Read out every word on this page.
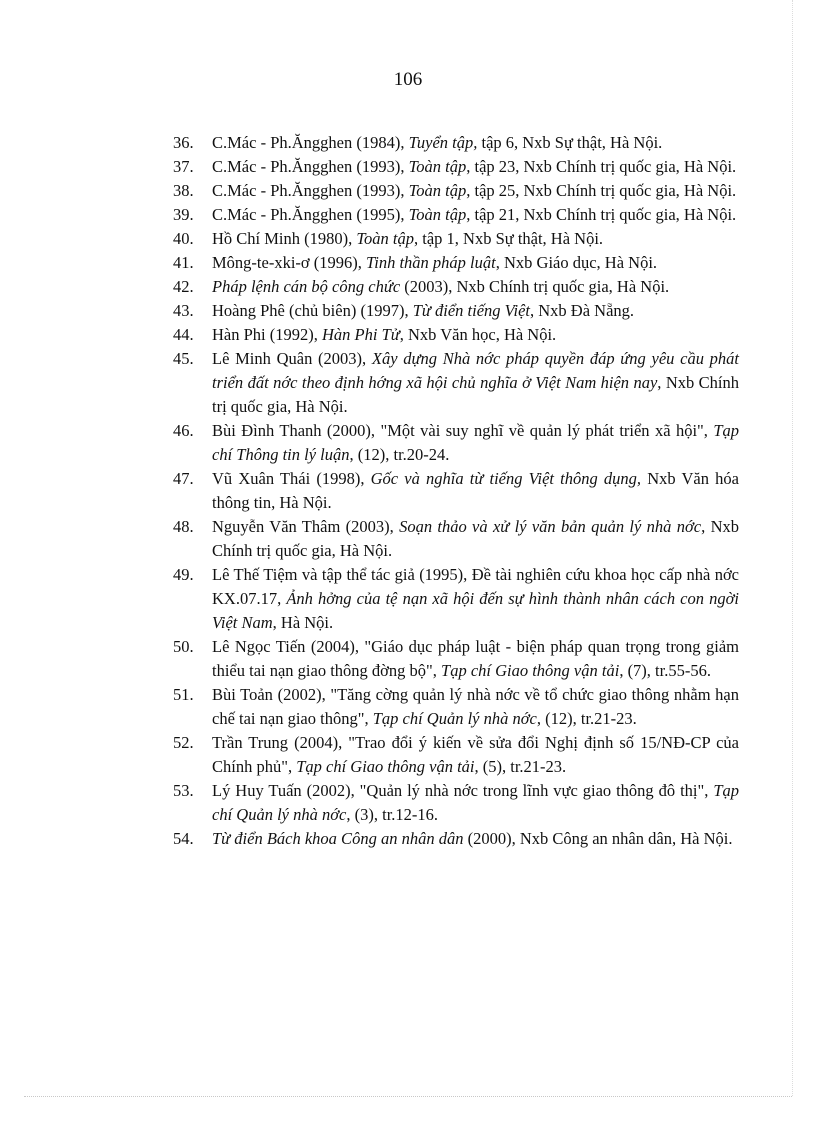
106
36. C.Mác - Ph.Ăngghen (1984), Tuyển tập, tập 6, Nxb Sự thật, Hà Nội.
37. C.Mác - Ph.Ăngghen (1993), Toàn tập, tập 23, Nxb Chính trị quốc gia, Hà Nội.
38. C.Mác - Ph.Ăngghen (1993), Toàn tập, tập 25, Nxb Chính trị quốc gia, Hà Nội.
39. C.Mác - Ph.Ăngghen (1995), Toàn tập, tập 21, Nxb Chính trị quốc gia, Hà Nội.
40. Hồ Chí Minh (1980), Toàn tập, tập 1, Nxb Sự thật, Hà Nội.
41. Mông-te-xki-ơ (1996), Tinh thần pháp luật, Nxb Giáo dục, Hà Nội.
42. Pháp lệnh cán bộ công chức (2003), Nxb Chính trị quốc gia, Hà Nội.
43. Hoàng Phê (chủ biên) (1997), Từ điển tiếng Việt, Nxb Đà Nẵng.
44. Hàn Phi (1992), Hàn Phi Tử, Nxb Văn học, Hà Nội.
45. Lê Minh Quân (2003), Xây dựng Nhà nớc pháp quyền đáp ứng yêu cầu phát triển đất nớc theo định hớng xã hội chủ nghĩa ở Việt Nam hiện nay, Nxb Chính trị quốc gia, Hà Nội.
46. Bùi Đình Thanh (2000), "Một vài suy nghĩ về quản lý phát triển xã hội", Tạp chí Thông tin lý luận, (12), tr.20-24.
47. Vũ Xuân Thái (1998), Gốc và nghĩa từ tiếng Việt thông dụng, Nxb Văn hóa thông tin, Hà Nội.
48. Nguyễn Văn Thâm (2003), Soạn thảo và xử lý văn bản quản lý nhà nớc, Nxb Chính trị quốc gia, Hà Nội.
49. Lê Thế Tiệm và tập thể tác giả (1995), Đề tài nghiên cứu khoa học cấp nhà nớc KX.07.17, Ảnh hởng của tệ nạn xã hội đến sự hình thành nhân cách con ngời Việt Nam, Hà Nội.
50. Lê Ngọc Tiến (2004), "Giáo dục pháp luật - biện pháp quan trọng trong giảm thiểu tai nạn giao thông đờng bộ", Tạp chí Giao thông vận tải, (7), tr.55-56.
51. Bùi Toản (2002), "Tăng cờng quản lý nhà nớc về tổ chức giao thông nhằm hạn chế tai nạn giao thông", Tạp chí Quản lý nhà nớc, (12), tr.21-23.
52. Trần Trung (2004), "Trao đổi ý kiến về sửa đổi Nghị định số 15/NĐ-CP của Chính phủ", Tạp chí Giao thông vận tải, (5), tr.21-23.
53. Lý Huy Tuấn (2002), "Quản lý nhà nớc trong lĩnh vực giao thông đô thị", Tạp chí Quản lý nhà nớc, (3), tr.12-16.
54. Từ điển Bách khoa Công an nhân dân (2000), Nxb Công an nhân dân, Hà Nội.
